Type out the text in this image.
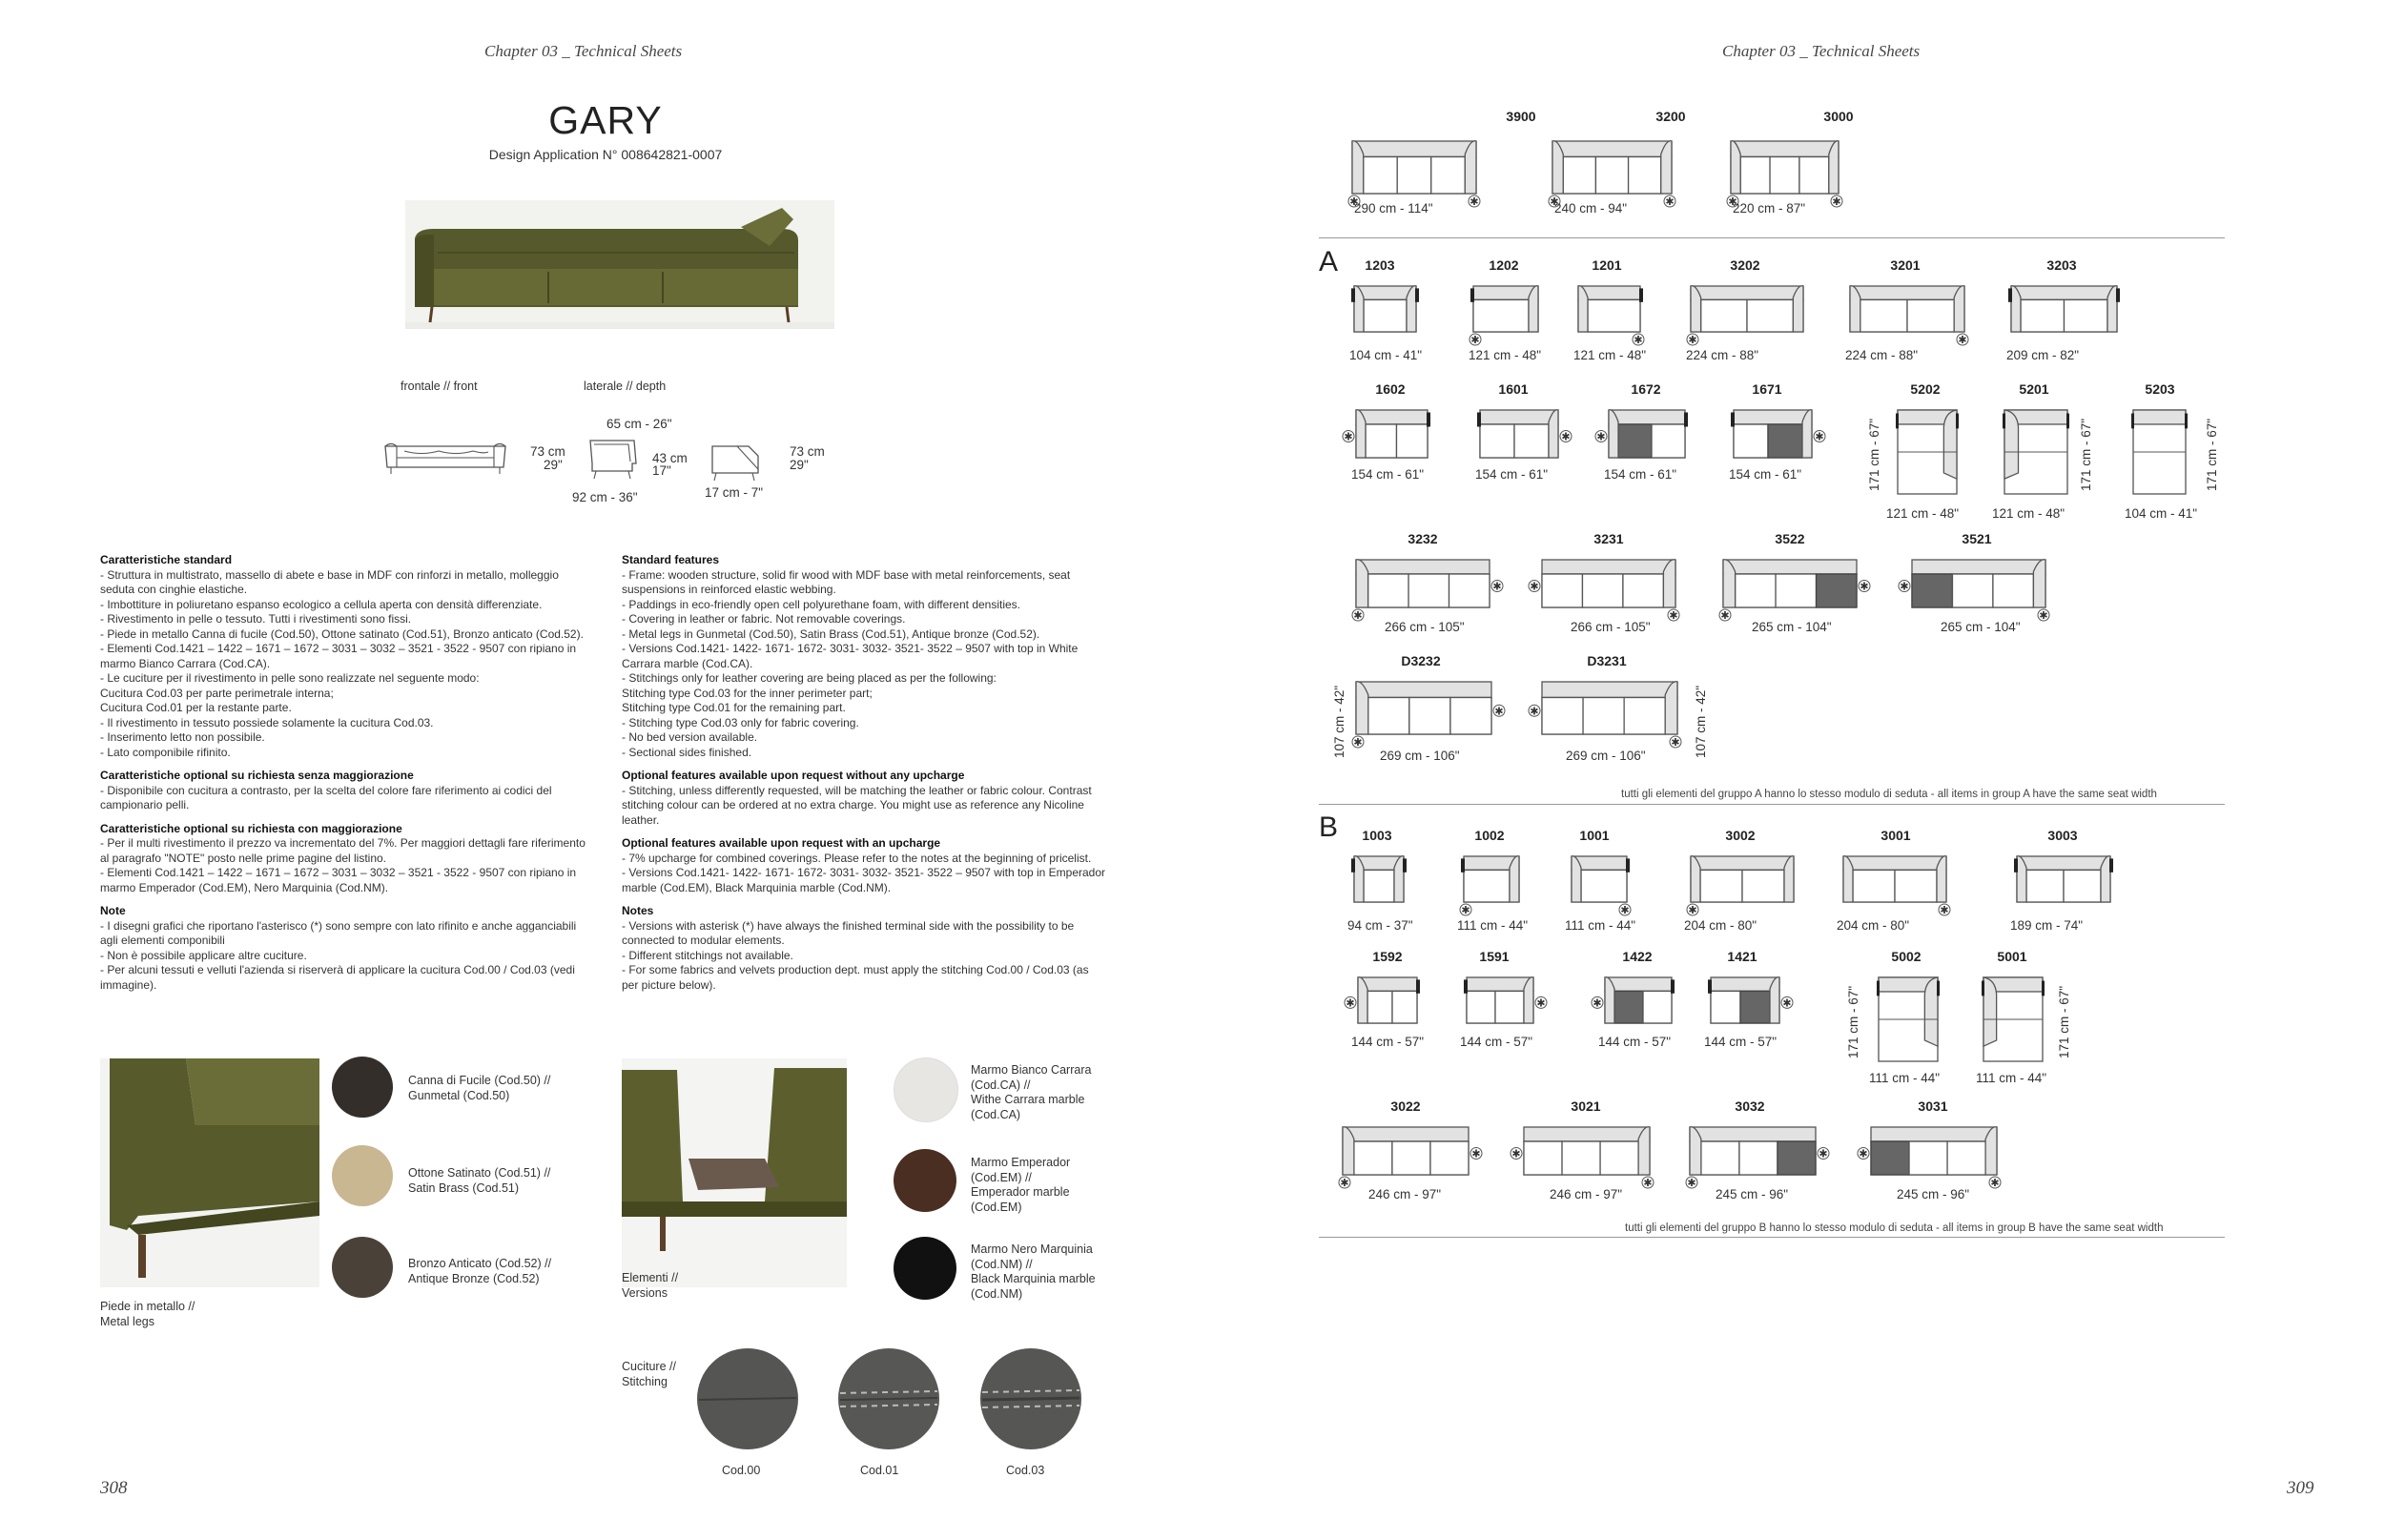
Chapter 03 _ Technical Sheets
GARY
Design Application N° 008642821-0007
frontale // front	laterale // depth
73 cm
29"
65 cm - 26"
43 cm
17"
92 cm - 36"	17 cm - 7"
73 cm
29"
Caratteristiche standard

- Struttura in multistrato, massello di abete e base in MDF con rinforzi in metallo, molleggio seduta con cinghie elastiche.

- Imbottiture in poliuretano espanso ecologico a cellula aperta con densità differenziate.

- Rivestimento in pelle o tessuto. Tutti i rivestimenti sono fissi.

- Piede in metallo Canna di fucile (Cod.50), Ottone satinato (Cod.51), Bronzo anticato (Cod.52).

- Elementi Cod.1421 – 1422 – 1671 – 1672 – 3031 – 3032 – 3521 - 3522 - 9507 con ripiano in marmo Bianco Carrara (Cod.CA).

- Le cuciture per il rivestimento in pelle sono realizzate nel seguente modo:

Cucitura Cod.03 per parte perimetrale interna;

Cucitura Cod.01 per la restante parte.

- Il rivestimento in tessuto possiede solamente la cucitura Cod.03.

- Inserimento letto non possibile.

- Lato componibile rifinito.

Caratteristiche optional su richiesta senza maggiorazione

- Disponibile con cucitura a contrasto, per la scelta del colore fare riferimento ai codici del campionario pelli.

Caratteristiche optional su richiesta con maggiorazione

- Per il multi rivestimento il prezzo va incrementato del 7%. Per maggiori dettagli fare riferimento al paragrafo "NOTE" posto nelle prime pagine del listino.

- Elementi Cod.1421 – 1422 – 1671 – 1672 – 3031 – 3032 – 3521 - 3522 - 9507 con ripiano in marmo Emperador (Cod.EM), Nero Marquinia (Cod.NM).

Note

- I disegni grafici che riportano l'asterisco (*) sono sempre con lato rifinito e anche agganciabili agli elementi componibili

- Non è possibile applicare altre cuciture.

- Per alcuni tessuti e velluti l'azienda si riserverà di applicare la cucitura Cod.00 / Cod.03 (vedi immagine).

Standard features

- Frame: wooden structure, solid fir wood with MDF base with metal reinforcements, seat suspensions in reinforced elastic webbing.

- Paddings in eco-friendly open cell polyurethane foam, with different densities.

- Covering in leather or fabric. Not removable coverings.

- Metal legs in Gunmetal (Cod.50), Satin Brass (Cod.51), Antique bronze (Cod.52).

- Versions Cod.1421- 1422- 1671- 1672- 3031- 3032- 3521- 3522 – 9507 with top in White Carrara marble (Cod.CA).

- Stitchings only for leather covering are being placed as per the following:

Stitching type Cod.03 for the inner perimeter part;

Stitching type Cod.01 for the remaining part.

- Stitching type Cod.03 only for fabric covering.

- No bed version available.

- Sectional sides finished.

Optional features available upon request without any upcharge

- Stitching, unless differently requested, will be matching the leather or fabric colour. Contrast stitching colour can be ordered at no extra charge. You might use as reference any Nicoline leather.

Optional features available upon request with an upcharge

- 7% upcharge for combined coverings. Please refer to the notes at the beginning of pricelist.

- Versions Cod.1421- 1422- 1671- 1672- 3031- 3032- 3521- 3522 – 9507 with top in Emperador marble (Cod.EM), Black Marquinia marble (Cod.NM).

Notes

- Versions with asterisk (*) have always the finished terminal side with the possibility to be connected to modular elements.

- Different stitchings not available.

- For some fabrics and velvets production dept. must apply the stitching Cod.00 / Cod.03 (as per picture below).

Piede in metallo //
Metal legs
Canna di Fucile (Cod.50) //
Gunmetal (Cod.50)
Ottone Satinato (Cod.51) //
Satin Brass (Cod.51)
Bronzo Anticato (Cod.52) //
Antique Bronze (Cod.52)	Elementi //
Versions
Marmo Bianco Carrara
(Cod.CA) //
Withe Carrara marble
(Cod.CA)
Marmo Emperador
(Cod.EM) //
Emperador marble
(Cod.EM)
Marmo Nero Marquinia
(Cod.NM) //
Black Marquinia marble
(Cod.NM)
Cuciture //
Stitching
Cod.00	Cod.01	Cod.03
308
Chapter 03 _ Technical Sheets
3900
✱	✱
290 cm - 114"
3200
✱	✱
240 cm - 94"
3000
✱	✱
220 cm - 87"
1203
104 cm - 41"
1202
✱
121 cm - 48"
1201
✱
121 cm - 48"
3202
✱
224 cm - 88"
3201
✱
224 cm - 88"
3203
209 cm - 82"
1602
✱
154 cm - 61"
1601
✱
154 cm - 61"
1672
✱
154 cm - 61"
1671
✱
154 cm - 61"
5202
121 cm - 48"
5201
121 cm - 48"
5203
104 cm - 41"
171 cm - 67"	171 cm - 67"	171 cm - 67"
3232
✱
✱
266 cm - 105"
3231
✱
✱
266 cm - 105"
3522
✱
✱
265 cm - 104"
3521
✱
✱
265 cm - 104"
D3232
✱
✱
269 cm - 106"
D3231
✱
✱
269 cm - 106"
107 cm - 42"	107 cm - 42"
1003
94 cm - 37"
1002
✱
111 cm - 44"
1001
✱
111 cm - 44"
3002
✱
204 cm - 80"
3001
✱
204 cm - 80"
3003
189 cm - 74"
1592
✱
144 cm - 57"
1591
✱
144 cm - 57"
1422
✱
144 cm - 57"
1421
✱
144 cm - 57"
5002
111 cm - 44"
5001
111 cm - 44"
171 cm - 67"	171 cm - 67"
3022
✱
✱
246 cm - 97"
3021
✱
✱
246 cm - 97"
3032
✱
✱
245 cm - 96"
3031
✱
✱
245 cm - 96"
A
tutti gli elementi del gruppo A hanno lo stesso modulo di seduta - all items in group A have the same seat width
B
tutti gli elementi del gruppo B hanno lo stesso modulo di seduta - all items in group B have the same seat width
309
